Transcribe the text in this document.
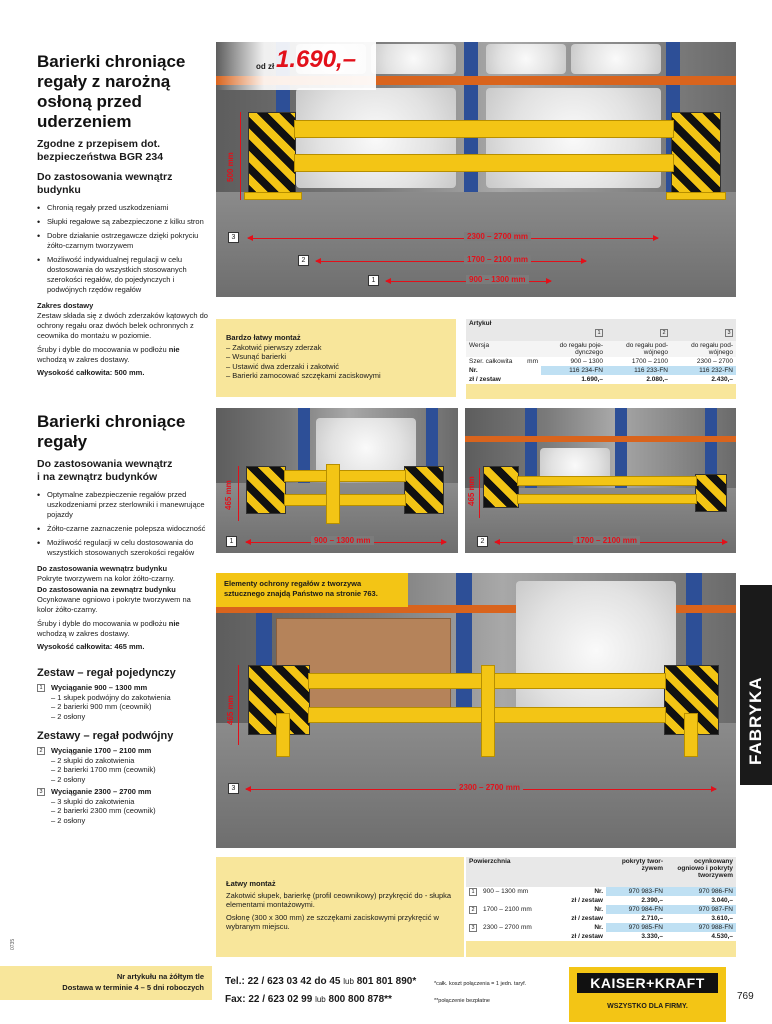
Barierki chroniące
regały z narożną
osłoną przed
uderzeniem
Zgodne z przepisem dot.
bezpieczeństwa BGR 234
Do zastosowania wewnątrz
budynku
• Chronią regały przed uszkodzeniami
• Słupki regałowe są zabezpieczone z kilku stron
• Dobre działanie ostrzegawcze dzięki pokryciu żółto-czarnym tworzywem
• Możliwość indywidualnej regulacji w celu dostosowania do wszystkich stosowanych szerokości regałów, do pojedynczych i podwójnych rzędów regałów
Zakres dostawy
Zestaw składa się z dwóch zderzaków kątowych do ochrony regału oraz dwóch belek ochronnych z ceownika do montażu w poziomie.
Śruby i dyble do mocowania w podłożu nie wchodzą w zakres dostawy.
Wysokość całkowita: 500 mm.
Barierki chroniące
regały
Do zastosowania wewnątrz
i na zewnątrz budynków
• Optymalne zabezpieczenie regałów przed uszkodzeniami przez sterlowniki i manewrujące pojazdy
• Żółto-czarne zaznaczenie polepsza widoczność
• Możliwość regulacji w celu dostosowania do wszystkich stosowanych szerokości regałów
Do zastosowania wewnątrz budynku
Pokryte tworzywem na kolor żółto-czarny.
Do zastosowania na zewnątrz budynku
Ocynkowane ogniowo i pokryte tworzywem na kolor żółto-czarny.
Śruby i dyble do mocowania w podłożu nie wchodzą w zakres dostawy.
Wysokość całkowita: 465 mm.
Zestaw – regał pojedynczy
1	Wyciąganie 900 – 1300 mm
– 1 słupek podwójny do zakotwienia
– 2 barierki 900 mm (ceownik)
– 2 osłony
Zestawy – regał podwójny
2	Wyciąganie 1700 – 2100 mm
– 2 słupki do zakotwienia
– 2 barierki 1700 mm (ceownik)
– 2 osłony
3	Wyciąganie 2300 – 2700 mm
– 3 słupki do zakotwienia
– 2 barierki 2300 mm (ceownik)
– 2 osłony
0735
od zł 1.690,–
500 mm
3	2300 – 2700 mm
2	1700 – 2100 mm
1	900 – 1300 mm
Bardzo łatwy montaż
– Zakotwić pierwszy zderzak
– Wsunąć barierki
– Ustawić dwa zderzaki i zakotwić
– Barierki zamocować szczękami zaciskowymi
Artykuł		1	2	3
Wersja		do regału poje-dynczego	do regału pod-wójnego	do regału pod-wójnego
Szer. całkowita	mm	900 – 1300	1700 – 2100	2300 – 2700
Nr.		116 234-FN	116 233-FN	116 232-FN
zł / zestaw		1.690,–	2.080,–	2.430,–
465 mm
1	900 – 1300 mm
465 mm
2	1700 – 2100 mm
Elementy ochrony regałów z tworzywa sztucznego znajdą Państwo na stronie 763.
465 mm
3	2300 – 2700 mm
Łatwy montaż
Zakotwić słupek, barierkę (profil ceownikowy) przykręcić do - słupka elementami montażowymi.
Osłonę (300 x 300 mm) ze szczękami zaciskowymi przykręcić w wybranym miejscu.
Powierzchnia			pokryty twor-zywem	ocynkowany ogniowo i pokryty tworzywem
1	900 – 1300 mm	Nr.	970 983-FN	970 986-FN
		zł / zestaw	2.390,–	3.040,–
2	1700 – 2100 mm	Nr.	970 984-FN	970 987-FN
		zł / zestaw	2.710,–	3.610,–
3	2300 – 2700 mm	Nr.	970 985-FN	970 988-FN
		zł / zestaw	3.330,–	4.530,–
FABRYKA
Nr artykułu na żółtym tle
Dostawa w terminie 4 – 5 dni roboczych
Tel.: 22 / 623 03 42 do 45 lub 801 801 890*
Fax: 22 / 623 02 99 lub 800 800 878**
*całk. koszt połączenia = 1 jedn. taryf.
**połączenie bezpłatne
KAISER+KRAFT
WSZYSTKO DLA FIRMY.
769
